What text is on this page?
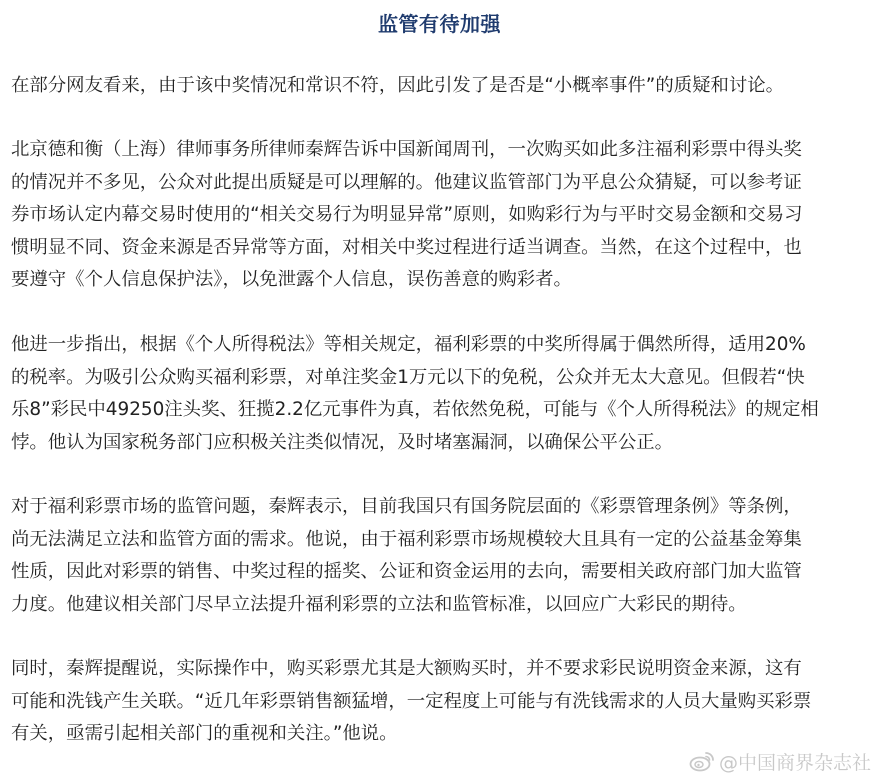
监管有待加强

在部分网友看来，由于该中奖情况和常识不符，因此引发了是否是“小概率事件”的质疑和讨论。

北京德和衡（上海）律师事务所律师秦辉告诉中国新闻周刊，一次购买如此多注福利彩票中得头奖
的情况并不多见，公众对此提出质疑是可以理解的。他建议监管部门为平息公众猜疑，可以参考证
券市场认定内幕交易时使用的“相关交易行为明显异常”原则，如购彩行为与平时交易金额和交易习
惯明显不同、资金来源是否异常等方面，对相关中奖过程进行适当调查。当然，在这个过程中，也
要遵守《个人信息保护法》，以免泄露个人信息，误伤善意的购彩者。

他进一步指出，根据《个人所得税法》等相关规定，福利彩票的中奖所得属于偶然所得，适用20%
的税率。为吸引公众购买福利彩票，对单注奖金1万元以下的免税，公众并无太大意见。但假若“快
乐8”彩民中49250注头奖、狂揽2.2亿元事件为真，若依然免税，可能与《个人所得税法》的规定相
悖。他认为国家税务部门应积极关注类似情况，及时堵塞漏洞，以确保公平公正。

对于福利彩票市场的监管问题，秦辉表示，目前我国只有国务院层面的《彩票管理条例》等条例，
尚无法满足立法和监管方面的需求。他说，由于福利彩票市场规模较大且具有一定的公益基金筹集
性质，因此对彩票的销售、中奖过程的摇奖、公证和资金运用的去向，需要相关政府部门加大监管
力度。他建议相关部门尽早立法提升福利彩票的立法和监管标准，以回应广大彩民的期待。

同时，秦辉提醒说，实际操作中，购买彩票尤其是大额购买时，并不要求彩民说明资金来源，这有
可能和洗钱产生关联。“近几年彩票销售额猛增，一定程度上可能与有洗钱需求的人员大量购买彩票
有关，亟需引起相关部门的重视和关注。”他说。

@中国商界杂志社
